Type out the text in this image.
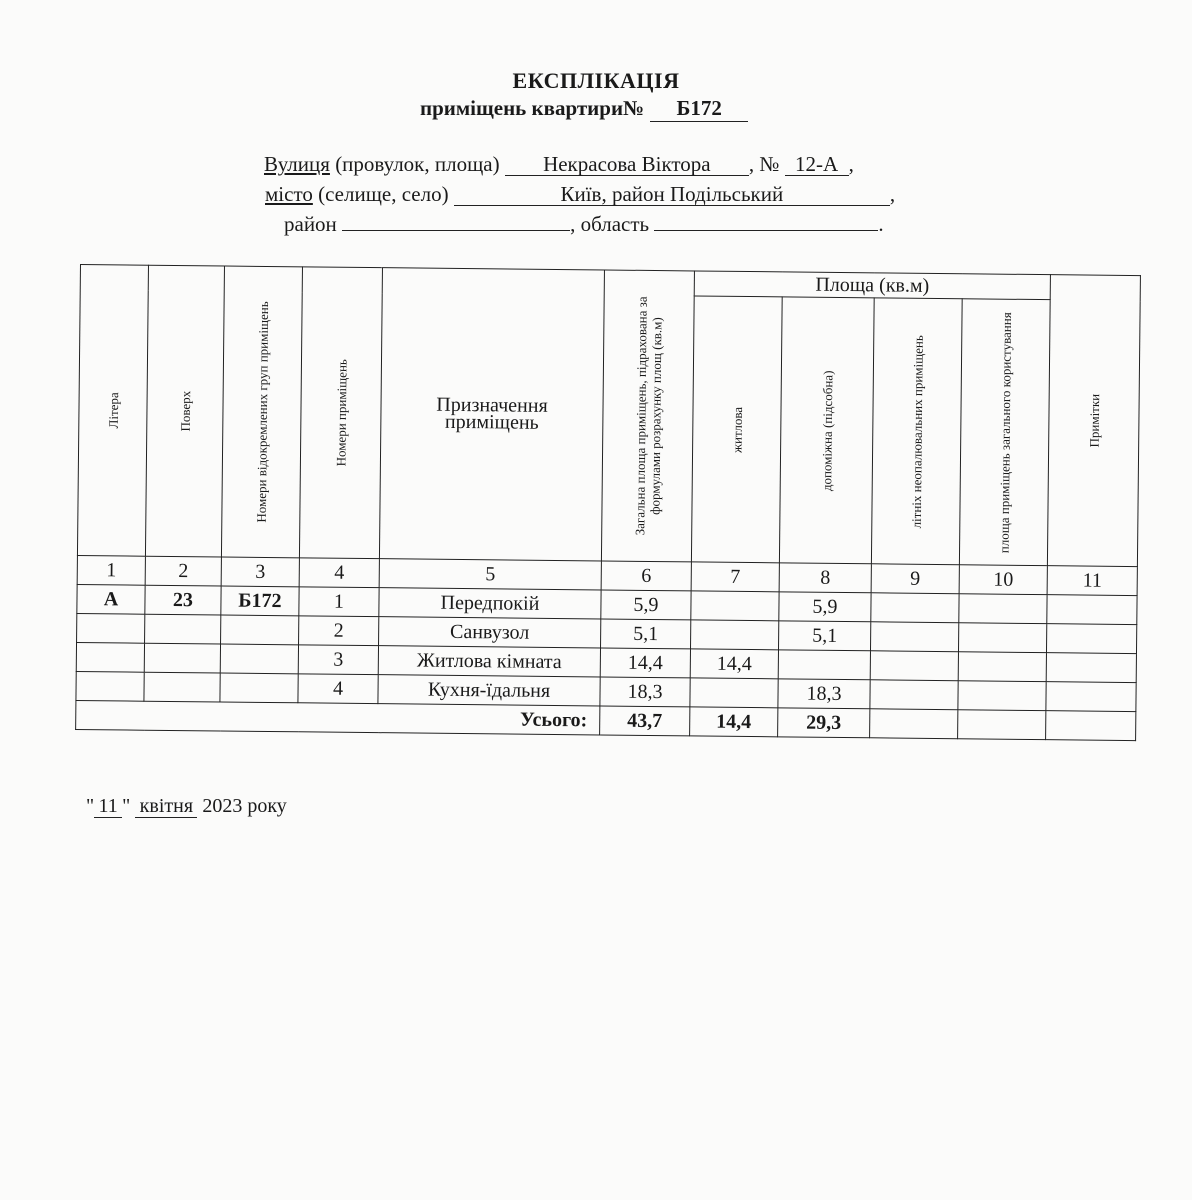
ЕКСПЛІКАЦІЯ
приміщень квартири№ Б172
Вулиця (провулок, площа) Некрасова Віктора , № 12-А ,
місто (селище, село)	Київ, район Подільський	,
район	, область	.
Літера	Поверх	Номери відокремлених груп приміщень	Номери приміщень	Призначення приміщень	Загальна площа приміщень, підрахована за формулами розрахунку площ (кв.м)	Площа (кв.м)				Примітки

						житлова	допоміжна (підсобна)	літніх неопалювальних приміщень	площа приміщень загального користування	

1	2	3	4	5	6	7	8	9	10	11
А	23	Б172	1	Передпокій	5,9		5,9			
			2	Санвузол	5,1		5,1			
			3	Житлова кімната	14,4	14,4				
			4	Кухня-їдальня	18,3		18,3			
Усього:					43,7	14,4	29,3			
" 11 " квітня 2023 року
